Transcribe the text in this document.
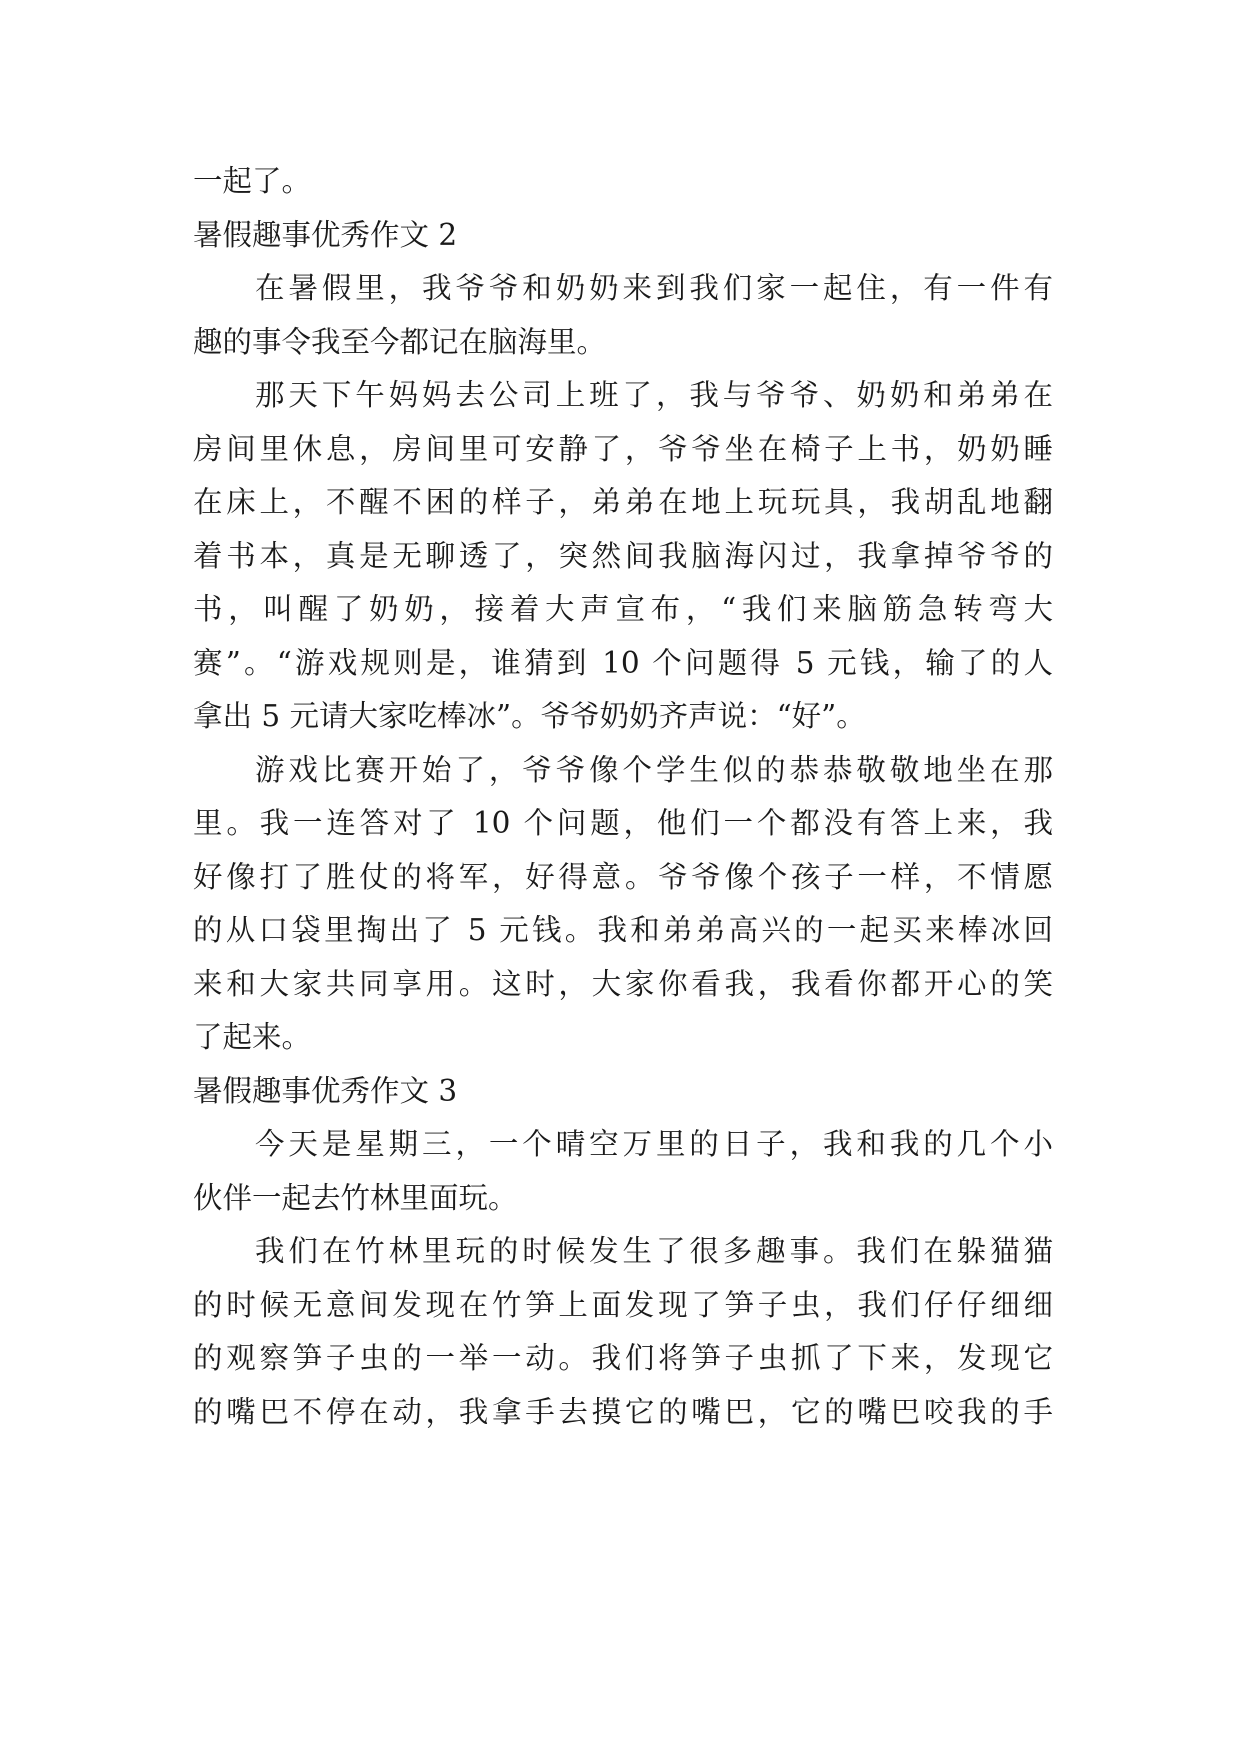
一起了。
暑假趣事优秀作文 2
在暑假里，我爷爷和奶奶来到我们家一起住，有一件有
趣的事令我至今都记在脑海里。
那天下午妈妈去公司上班了，我与爷爷、奶奶和弟弟在
房间里休息，房间里可安静了，爷爷坐在椅子上书，奶奶睡
在床上，不醒不困的样子，弟弟在地上玩玩具，我胡乱地翻
着书本，真是无聊透了，突然间我脑海闪过，我拿掉爷爷的
书，叫醒了奶奶，接着大声宣布，“我们来脑筋急转弯大
赛”。“游戏规则是，谁猜到 10 个问题得 5 元钱，输了的人
拿出 5 元请大家吃棒冰”。爷爷奶奶齐声说：“好”。
游戏比赛开始了，爷爷像个学生似的恭恭敬敬地坐在那
里。我一连答对了 10 个问题，他们一个都没有答上来，我
好像打了胜仗的将军，好得意。爷爷像个孩子一样，不情愿
的从口袋里掏出了 5 元钱。我和弟弟高兴的一起买来棒冰回
来和大家共同享用。这时，大家你看我，我看你都开心的笑
了起来。
暑假趣事优秀作文 3
今天是星期三，一个晴空万里的日子，我和我的几个小
伙伴一起去竹林里面玩。
我们在竹林里玩的时候发生了很多趣事。我们在躲猫猫
的时候无意间发现在竹笋上面发现了笋子虫，我们仔仔细细
的观察笋子虫的一举一动。我们将笋子虫抓了下来，发现它
的嘴巴不停在动，我拿手去摸它的嘴巴，它的嘴巴咬我的手
